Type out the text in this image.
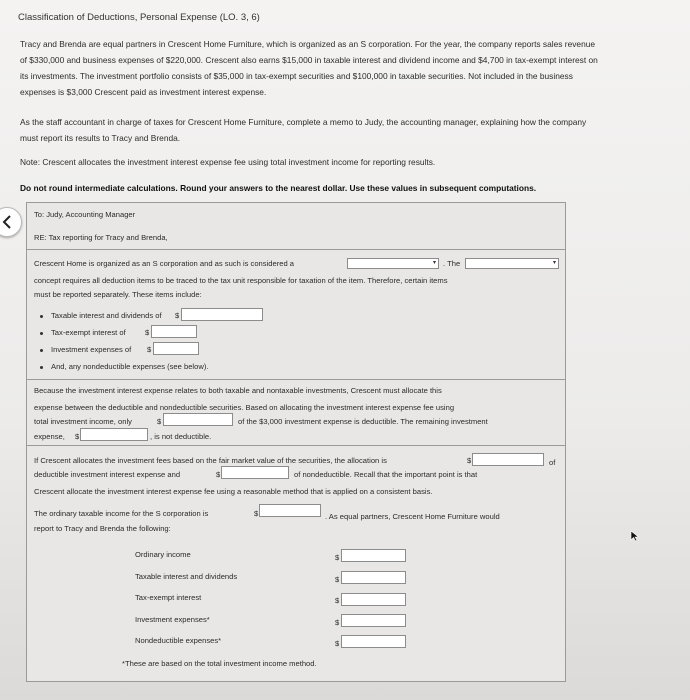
Classification of Deductions, Personal Expense (LO. 3, 6)
Tracy and Brenda are equal partners in Crescent Home Furniture, which is organized as an S corporation. For the year, the company reports sales revenue
of $330,000 and business expenses of $220,000. Crescent also earns $15,000 in taxable interest and dividend income and $4,700 in tax-exempt interest on
its investments. The investment portfolio consists of $35,000 in tax-exempt securities and $100,000 in taxable securities. Not included in the business
expenses is $3,000 Crescent paid as investment interest expense.
As the staff accountant in charge of taxes for Crescent Home Furniture, complete a memo to Judy, the accounting manager, explaining how the company
must report its results to Tracy and Brenda.
Note: Crescent allocates the investment interest expense fee using total investment income for reporting results.
Do not round intermediate calculations. Round your answers to the nearest dollar. Use these values in subsequent computations.
To: Judy, Accounting Manager
RE: Tax reporting for Tracy and Brenda,
Crescent Home is organized as an S corporation and as such is considered a	▾ . The	▾
concept requires all deduction items to be traced to the tax unit responsible for taxation of the item. Therefore, certain items
must be reported separately. These items include:
Taxable interest and dividends of $
Tax-exempt interest of	$
Investment expenses of $
And, any nondeductible expenses (see below).
Because the investment interest expense relates to both taxable and nontaxable investments, Crescent must allocate this
expense between the deductible and nondeductible securities. Based on allocating the investment interest expense fee using
total investment income, only	$	of the $3,000 investment expense is deductible. The remaining investment
expense, $	, is not deductible.
If Crescent allocates the investment fees based on the fair market value of the securities, the allocation is	$	of
deductible investment interest expense and	$	of nondeductible. Recall that the important point is that
Crescent allocate the investment interest expense fee using a reasonable method that is applied on a consistent basis.
The ordinary taxable income for the S corporation is	$	. As equal partners, Crescent Home Furniture would
report to Tracy and Brenda the following:
Ordinary income	$
Taxable interest and dividends	$
Tax-exempt interest	$
Investment expenses*	$
Nondeductible expenses*	$
*These are based on the total investment income method.
